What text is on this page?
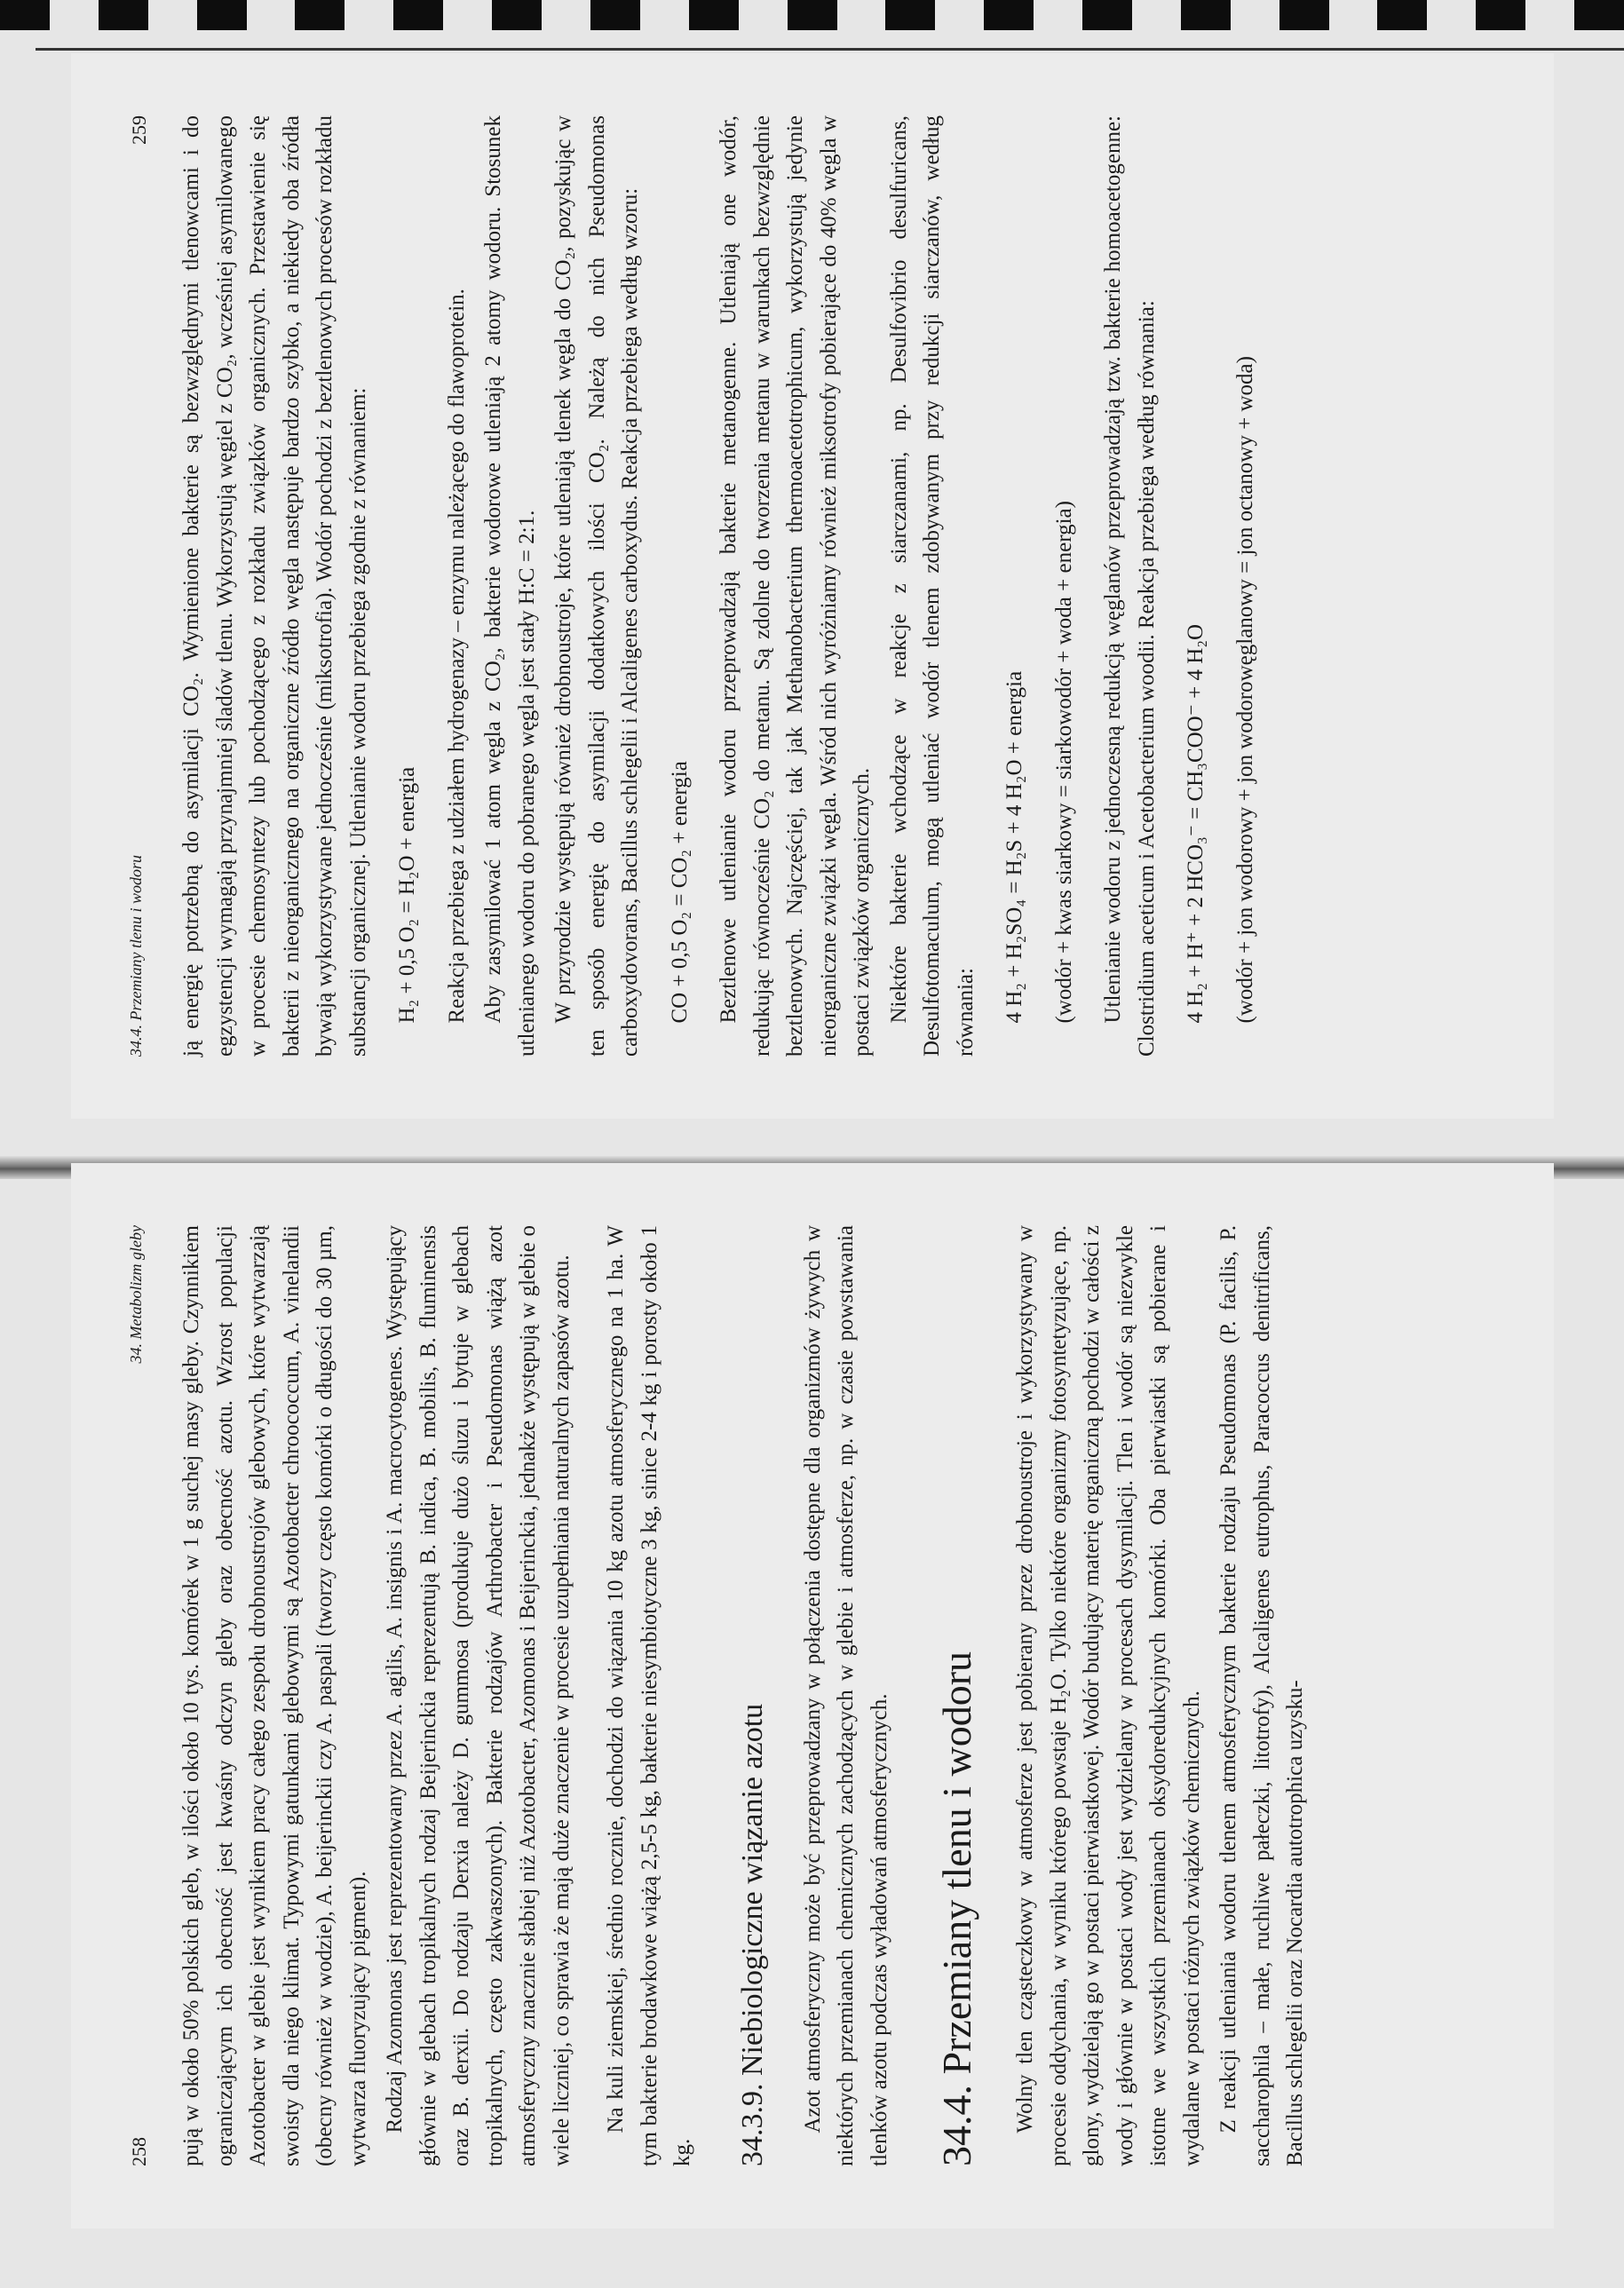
258
34. Metabolizm gleby	pują w około 50% polskich gleb, w ilości około 10 tys. komórek w 1 g suchej masy gleby. Czynnikiem ograniczającym ich obecność jest kwaśny odczyn gleby oraz obecność azotu. Wzrost populacji Azotobacter w glebie jest wynikiem pracy całego zespołu drobnoustrojów glebowych, które wytwarzają swoisty dla niego klimat. Typowymi gatunkami glebowymi są Azotobacter chroococcum, A. vinelandii (obecny również w wodzie), A. beijerinckii czy A. paspali (tworzy często komórki o długości do 30 µm, wytwarza fluoryzujący pigment). Rodzaj Azomonas jest reprezentowany przez A. agilis, A. insignis i A. macrocytogenes. Występujący głównie w glebach tropikalnych rodzaj Beijerinckia reprezentują B. indica, B. mobilis, B. fluminensis oraz B. derxii. Do rodzaju Derxia należy D. gummosa (produkuje dużo śluzu i bytuje w glebach tropikalnych, często zakwaszonych). Bakterie rodzajów Arthrobacter i Pseudomonas wiążą azot atmosferyczny znacznie słabiej niż Azotobacter, Azomonas i Beijerinckia, jednakże występują w glebie o wiele liczniej, co sprawia że mają duże znaczenie w procesie uzupełniania naturalnych zapasów azotu. Na kuli ziemskiej, średnio rocznie, dochodzi do wiązania 10 kg azotu atmosferycznego na 1 ha. W tym bakterie brodawkowe wiążą 2,5-5 kg, bakterie niesymbiotyczne 3 kg, sinice 2-4 kg i porosty około 1 kg. 34.3.9. Niebiologiczne wiązanie azotu Azot atmosferyczny może być przeprowadzany w połączenia dostępne dla organizmów żywych w niektórych przemianach chemicznych zachodzących w glebie i atmosferze, np. w czasie powstawania tlenków azotu podczas wyładowań atmosferycznych. 34.4. Przemiany tlenu i wodoru	Wolny tlen cząsteczkowy w atmosferze jest pobierany przez drobnoustroje i wykorzystywany w procesie oddychania, w wyniku którego powstaje H₂O. Tylko niektóre organizmy fotosyntetyzujące, np. glony, wydzielają go w postaci pierwiastkowej. Wodór budujący materię organiczną pochodzi w całości z wody i głównie w postaci wody jest wydzielany w procesach dysymilacji. Tlen i wodór są niezwykle istotne we wszystkich przemianach oksydoredukcyjnych komórki. Oba pierwiastki są pobierane i wydalane w postaci różnych związków chemicznych. Z reakcji utleniania wodoru tlenem atmosferycznym bakterie rodzaju Pseudomonas (P. facilis, P. saccharophila – małe, ruchliwe pałeczki, litotrofy), Alcaligenes eutrophus, Paracoccus denitrificans, Bacillus schlegelii oraz Nocardia autotrophica uzysku-

34.4. Przemiany tlenu i wodoru
259 ją energię potrzebną do asymilacji CO₂. Wymienione bakterie są bezwzględnymi tlenowcami i do egzystencji wymagają przynajmniej śladów tlenu. Wykorzystują węgiel z CO₂, wcześniej asymilowanego w procesie chemosyntezy lub pochodzącego z rozkładu związków organicznych. Przestawienie się bakterii z nieorganicznego na organiczne źródło węgla następuje bardzo szybko, a niekiedy oba źródła bywają wykorzystywane jednocześnie (miksotrofia). Wodór pochodzi z beztlenowych procesów rozkładu substancji organicznej. Utlenianie wodoru przebiega zgodnie z równaniem: H₂ + 0,5 O₂ = H₂O + energia Reakcja przebiega z udziałem hydrogenazy – enzymu należącego do flawoprotein. Aby zasymilować 1 atom węgla z CO₂, bakterie wodorowe utleniają 2 atomy wodoru. Stosunek utlenianego wodoru do pobranego węgla jest stały H:C = 2:1. W przyrodzie występują również drobnoustroje, które utleniają tlenek węgla do CO₂, pozyskując w ten sposób energię do asymilacji dodatkowych ilości CO₂. Należą do nich Pseudomonas carboxydovorans, Bacillus schlegelii i Alcaligenes carboxydus. Reakcja przebiega według wzoru: CO + 0,5 O₂ = CO₂ + energia Beztlenowe utlenianie wodoru przeprowadzają bakterie metanogenne. Utleniają one wodór, redukując równocześnie CO₂ do metanu. Są zdolne do tworzenia metanu w warunkach bezwzględnie beztlenowych. Najczęściej, tak jak Methanobacterium thermoacetotrophicum, wykorzystują jedynie nieorganiczne związki węgla. Wśród nich wyróżniamy również miksotrofy pobierające do 40% węgla w postaci związków organicznych. Niektóre bakterie wchodzące w reakcje z siarczanami, np. Desulfovibrio desulfuricans, Desulfotomaculum, mogą utleniać wodór tlenem zdobywanym przy redukcji siarczanów, według równania: 4 H₂ + H₂SO₄ = H₂S + 4 H₂O + energia (wodór + kwas siarkowy = siarkowodór + woda + energia) Utlenianie wodoru z jednoczesną redukcją węglanów przeprowadzają tzw. bakterie homoacetogenne: Clostridium aceticum i Acetobacterium woodii. Reakcja przebiega według równania: 4 H₂ + H⁺ + 2 HCO₃⁻ = CH₃COO⁻ + 4 H₂O (wodór + jon wodorowy + jon wodorowęglanowy = jon octanowy + woda)
